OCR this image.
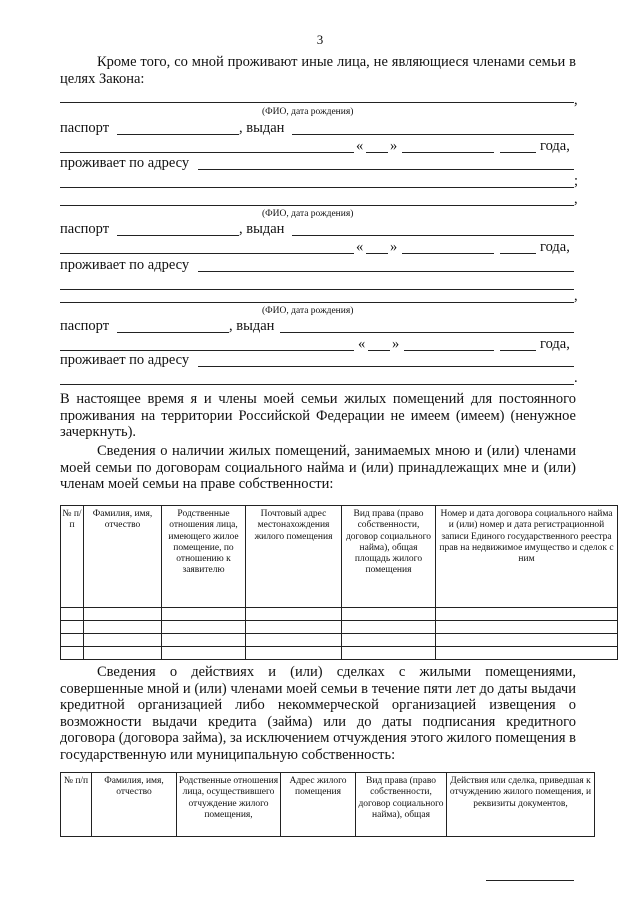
3
Кроме того, со мной проживают иные лица, не являющиеся членами семьи в целях Закона:
,
(ФИО, дата рождения)
паспорт	, выдан
« »	года,
проживает по адресу
;
,
(ФИО, дата рождения)
паспорт	, выдан
« »	года,
проживает по адресу
,
(ФИО, дата рождения)
паспорт	, выдан
« »	года,
проживает по адресу
.
В настоящее время я и члены моей семьи жилых помещений для постоянного проживания на территории Российской Федерации не имеем (имеем) (ненужное зачеркнуть).
Сведения о наличии жилых помещений, занимаемых мною и (или) членами моей семьи по договорам социального найма и (или) принадлежащих мне и (или) членам моей семьи на праве собственности:
№ п/п	Фамилия, имя, отчество	Родственные отношения лица, имеющего жилое помещение, по отношению к заявителю	Почтовый адрес местонахождения жилого помещения	Вид права (право собственности, договор социального найма), общая площадь жилого помещения	Номер и дата договора социального найма и (или) номер и дата регистрационной записи Единого государственного реестра прав на недвижимое имущество и сделок с ним

Сведения о действиях и (или) сделках с жилыми помещениями, совершенные мной и (или) членами моей семьи в течение пяти лет до даты выдачи кредитной организацией либо некоммерческой организацией извещения о возможности выдачи кредита (займа) или до даты подписания кредитного договора (договора займа), за исключением отчуждения этого жилого помещения в государственную или муниципальную собственность:
№ п/п	Фамилия, имя, отчество	Родственные отношения лица, осуществившего отчуждение жилого помещения,	Адрес жилого помещения	Вид права (право собственности, договор социального найма), общая	Действия или сделка, приведшая к отчуждению жилого помещения, и реквизиты документов,
